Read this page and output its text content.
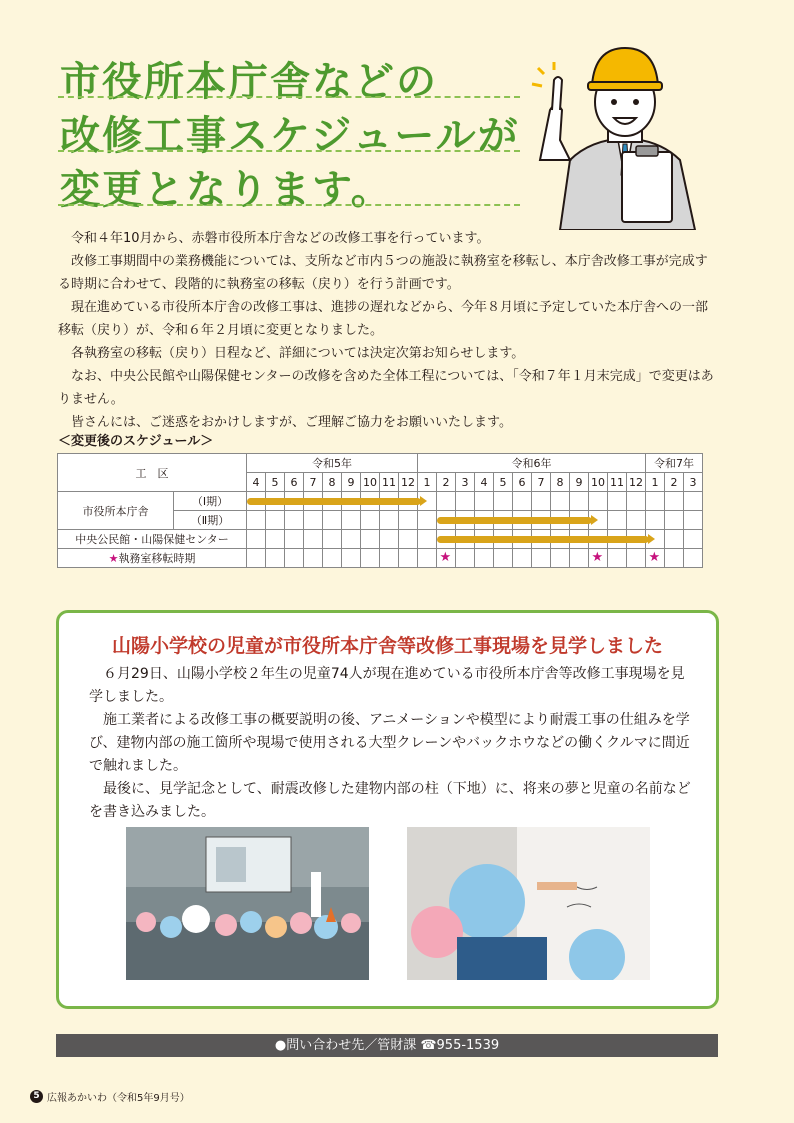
市役所本庁舎などの
改修工事スケジュールが
変更となります。

令和４年10月から、赤磐市役所本庁舎などの改修工事を行っています。

改修工事期間中の業務機能については、支所など市内５つの施設に執務室を移転し、本庁舎改修工事が完成する時期に合わせて、段階的に執務室の移転（戻り）を行う計画です。

現在進めている市役所本庁舎の改修工事は、進捗の遅れなどから、今年８月頃に予定していた本庁舎への一部移転（戻り）が、令和６年２月頃に変更となりました。

各執務室の移転（戻り）日程など、詳細については決定次第お知らせします。

なお、中央公民館や山陽保健センターの改修を含めた全体工程については、「令和７年１月末完成」で変更はありません。

皆さんには、ご迷惑をおかけしますが、ご理解ご協力をお願いいたします。

＜変更後のスケジュール＞
工　区		令和5年									令和6年												令和7年		
		4	5	6	7	8	9	10	11	12	1	2	3	4	5	6	7	8	9	10	11	12	1	2	3
市役所本庁舎	（Ⅰ期）																								
	（Ⅱ期）																								
中央公民館・山陽保健センター																									
★執務室移転時期																										★	★	★
山陽小学校の児童が市役所本庁舎等改修工事現場を見学しました

６月29日、山陽小学校２年生の児童74人が現在進めている市役所本庁舎等改修工事現場を見学しました。

施工業者による改修工事の概要説明の後、アニメーションや模型により耐震工事の仕組みを学び、建物内部の施工箇所や現場で使用される大型クレーンやバックホウなどの働くクルマに間近で触れました。

最後に、見学記念として、耐震改修した建物内部の柱（下地）に、将来の夢と児童の名前などを書き込みました。

●問い合わせ先／管財課 ☎955-1539
5 広報あかいわ（令和5年9月号）
